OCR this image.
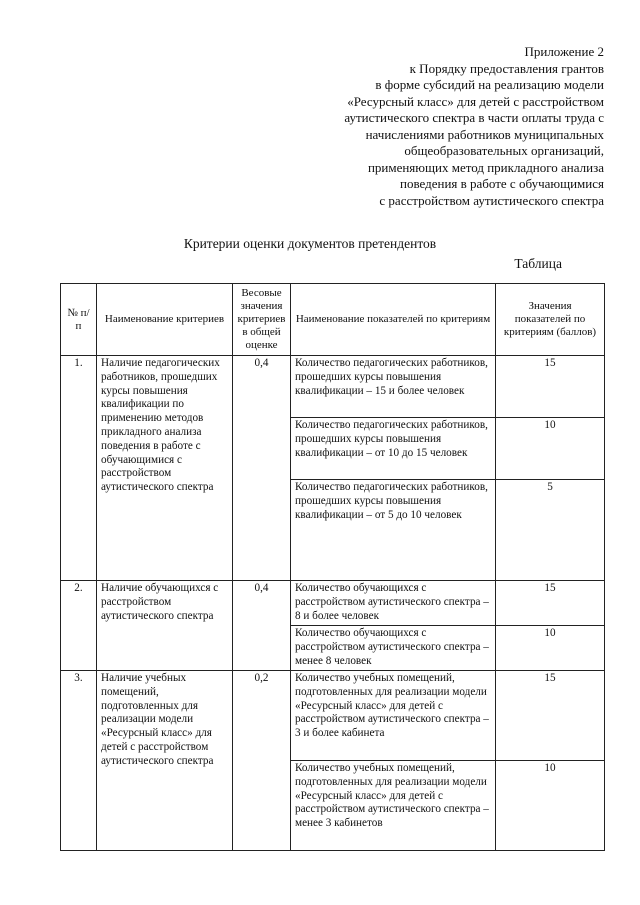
Приложение 2
к Порядку предоставления грантов
в форме субсидий на реализацию модели
«Ресурсный класс» для детей с расстройством
аутистического спектра в части оплаты труда с
начислениями работников муниципальных
общеобразовательных организаций,
применяющих метод прикладного анализа
поведения в работе с обучающимися
с расстройством аутистического спектра
Критерии оценки документов претендентов
Таблица
№ п/п	Наименование критериев	Весовые значения критериев в общей оценке	Наименование показателей по критериям	Значения показателей по критериям (баллов)
1.	Наличие педагогических работников, прошедших курсы повышения квалификации по применению методов прикладного анализа поведения в работе с обучающимися с расстройством аутистического спектра	0,4	Количество педагогических работников, прошедших курсы повышения квалификации – 15 и более человек	15
			Количество педагогических работников, прошедших курсы повышения квалификации – от 10 до 15 человек	10
			Количество педагогических работников, прошедших курсы повышения квалификации – от 5 до 10 человек	5
2.	Наличие обучающихся с расстройством аутистического спектра	0,4	Количество обучающихся с расстройством аутистического спектра – 8 и более человек	15
			Количество обучающихся с расстройством аутистического спектра – менее 8 человек	10
3.	Наличие учебных помещений, подготовленных для реализации модели «Ресурсный класс» для детей с расстройством аутистического спектра	0,2	Количество учебных помещений, подготовленных для реализации модели «Ресурсный класс» для детей с расстройством аутистического спектра – 3 и более кабинета	15
			Количество учебных помещений, подготовленных для реализации модели «Ресурсный класс» для детей с расстройством аутистического спектра – менее 3 кабинетов	10
